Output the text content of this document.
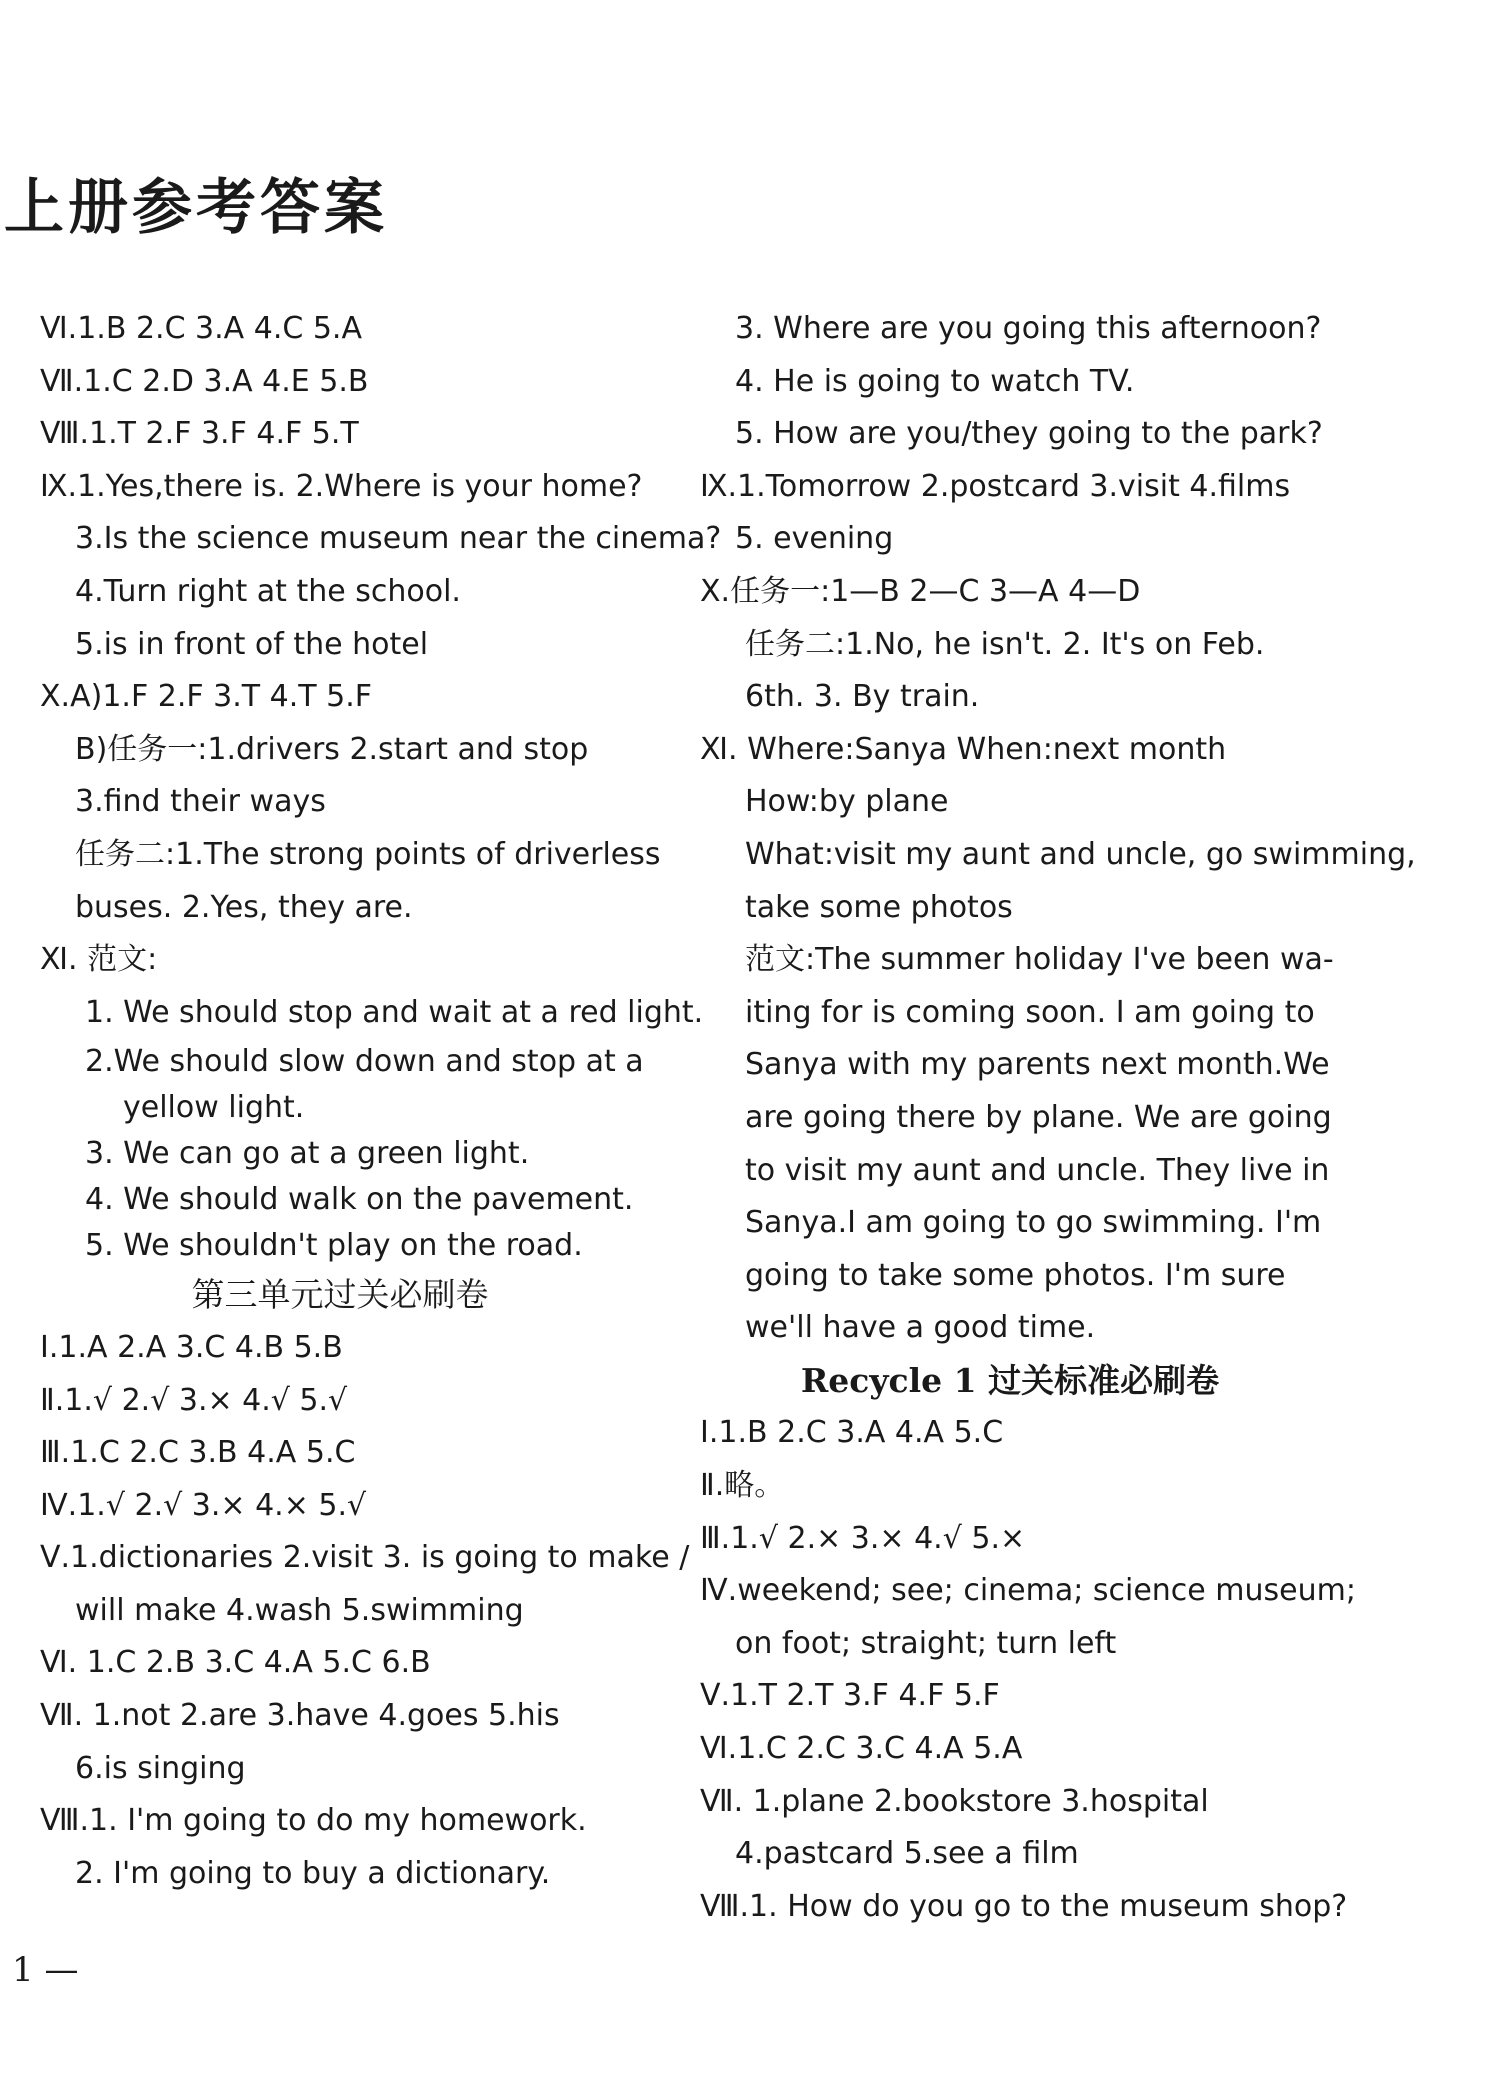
上册参考答案
Ⅵ.1.B 2.C 3.A 4.C 5.A
Ⅶ.1.C 2.D 3.A 4.E 5.B
Ⅷ.1.T 2.F 3.F 4.F 5.T
Ⅸ.1.Yes,there is. 2.Where is your home?
3.Is the science museum near the cinema?
4.Turn right at the school.
5.is in front of the hotel
Ⅹ.A)1.F 2.F 3.T 4.T 5.F
B)任务一:1.drivers 2.start and stop
3.find their ways
任务二:1.The strong points of driverless
buses. 2.Yes, they are.
Ⅺ. 范文:
1. We should stop and wait at a red light.
2.We should slow down and stop at a
yellow light.
3. We can go at a green light.
4. We should walk on the pavement.
5. We shouldn't play on the road.
第三单元过关必刷卷
Ⅰ.1.A 2.A 3.C 4.B 5.B
Ⅱ.1.√ 2.√ 3.× 4.√ 5.√
Ⅲ.1.C 2.C 3.B 4.A 5.C
Ⅳ.1.√ 2.√ 3.× 4.× 5.√
Ⅴ.1.dictionaries 2.visit 3. is going to make /
will make 4.wash 5.swimming
Ⅵ. 1.C 2.B 3.C 4.A 5.C 6.B
Ⅶ. 1.not 2.are 3.have 4.goes 5.his
6.is singing
Ⅷ.1. I'm going to do my homework.
2. I'm going to buy a dictionary.
3. Where are you going this afternoon?
4. He is going to watch TV.
5. How are you/they going to the park?
Ⅸ.1.Tomorrow 2.postcard 3.visit 4.films
5. evening
Ⅹ.任务一:1—B 2—C 3—A 4—D
任务二:1.No, he isn't. 2. It's on Feb.
6th. 3. By train.
Ⅺ. Where:Sanya When:next month
How:by plane
What:visit my aunt and uncle, go swimming,
take some photos
范文:The summer holiday I've been wa-
iting for is coming soon. I am going to
Sanya with my parents next month.We
are going there by plane. We are going
to visit my aunt and uncle. They live in
Sanya.I am going to go swimming. I'm
going to take some photos. I'm sure
we'll have a good time.
Recycle 1 过关标准必刷卷
Ⅰ.1.B 2.C 3.A 4.A 5.C
Ⅱ.略。
Ⅲ.1.√ 2.× 3.× 4.√ 5.×
Ⅳ.weekend; see; cinema; science museum;
on foot; straight; turn left
Ⅴ.1.T 2.T 3.F 4.F 5.F
Ⅵ.1.C 2.C 3.C 4.A 5.A
Ⅶ. 1.plane 2.bookstore 3.hospital
4.pastcard 5.see a film
Ⅷ.1. How do you go to the museum shop?
1 —
